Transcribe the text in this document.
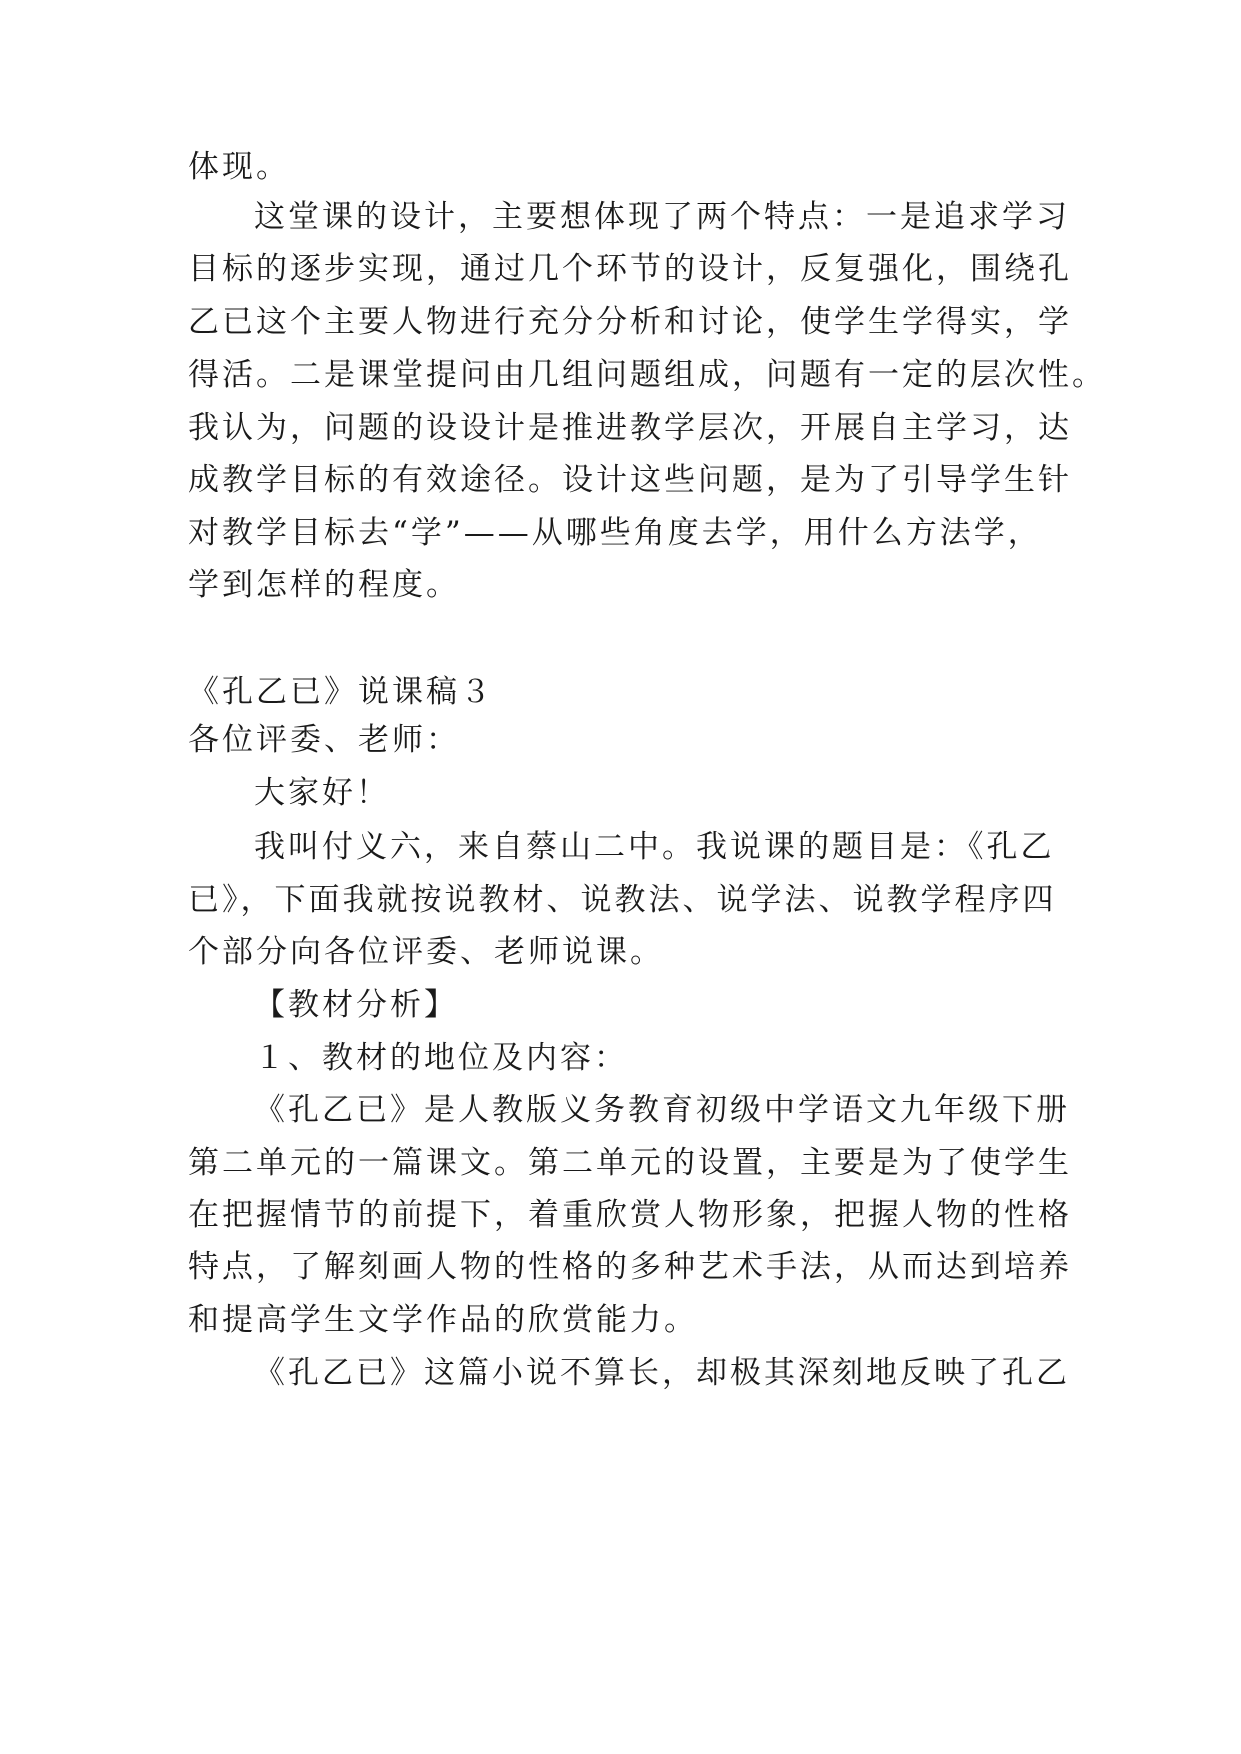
体现。
这堂课的设计，主要想体现了两个特点：一是追求学习
目标的逐步实现，通过几个环节的设计，反复强化，围绕孔
乙已这个主要人物进行充分分析和讨论，使学生学得实，学
得活。二是课堂提问由几组问题组成，问题有一定的层次性。
我认为，问题的设设计是推进教学层次，开展自主学习，达
成教学目标的有效途径。设计这些问题，是为了引导学生针
对教学目标去“学”——从哪些角度去学，用什么方法学，
学到怎样的程度。
《孔乙已》说课稿３
各位评委、老师：
大家好！
我叫付义六，来自蔡山二中。我说课的题目是：《孔乙
已》，下面我就按说教材、说教法、说学法、说教学程序四
个部分向各位评委、老师说课。
【教材分析】
１、教材的地位及内容：
《孔乙已》是人教版义务教育初级中学语文九年级下册
第二单元的一篇课文。第二单元的设置，主要是为了使学生
在把握情节的前提下，着重欣赏人物形象，把握人物的性格
特点，了解刻画人物的性格的多种艺术手法，从而达到培养
和提高学生文学作品的欣赏能力。
《孔乙已》这篇小说不算长，却极其深刻地反映了孔乙
